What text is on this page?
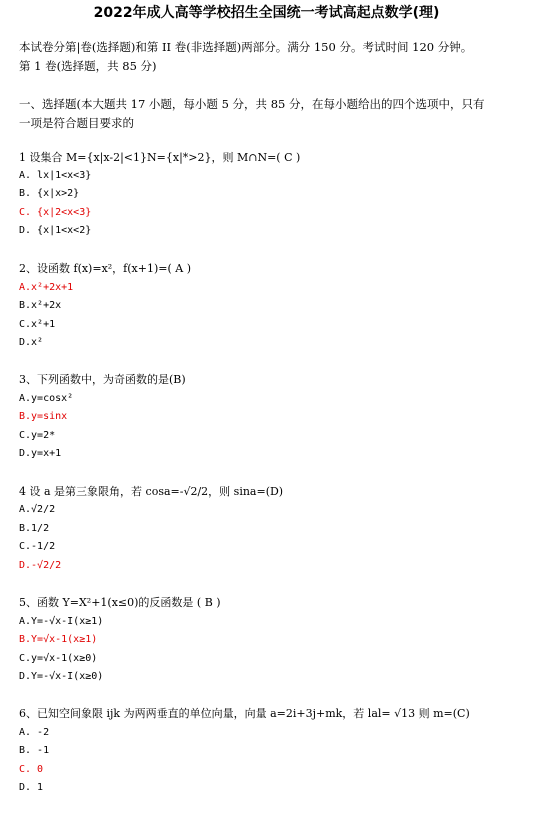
2022年成人高等学校招生全国统一考试高起点数学(理)
本试卷分第|卷(选择题)和第 II 卷(非选择题)两部分。满分 150 分。考试时间 120 分钟。
第 1 卷(选择题，共 85 分)
一、选择题(本大题共 17 小题，每小题 5 分，共 85 分，在每小题给出的四个选项中，只有
一项是符合题目要求的
1 设集合 M={x|x-2|<1}N={x|*>2}，则 M∩N=( C )
A. lx|1<x<3}
B. {x|x>2}
C. {x|2<x<3}
D. {x|1<x<2}
2、设函数 f(x)=x²，f(x+1)=( A )
A.x²+2x+1
B.x²+2x
C.x²+1
D.x²
3、下列函数中，为奇函数的是(B)
A.y=cosx²
B.y=sinx
C.y=2*
D.y=x+1
4 设 a 是第三象限角，若 cosa=-√2/2，则 sina=(D)
A.√2/2
B.1/2
C.-1/2
D.-√2/2
5、函数 Y=X²+1(x≤0)的反函数是 ( B )
A.Y=-√x-I(x≥1)
B.Y=√x-1(x≥1)
C.y=√x-1(x≥0)
D.Y=-√x-I(x≥0)
6、已知空间象限 ijk 为两两垂直的单位向量，向量 a=2i+3j+mk，若 lal= √13 则 m=(C)
A. -2
B. -1
C. 0
D. 1
